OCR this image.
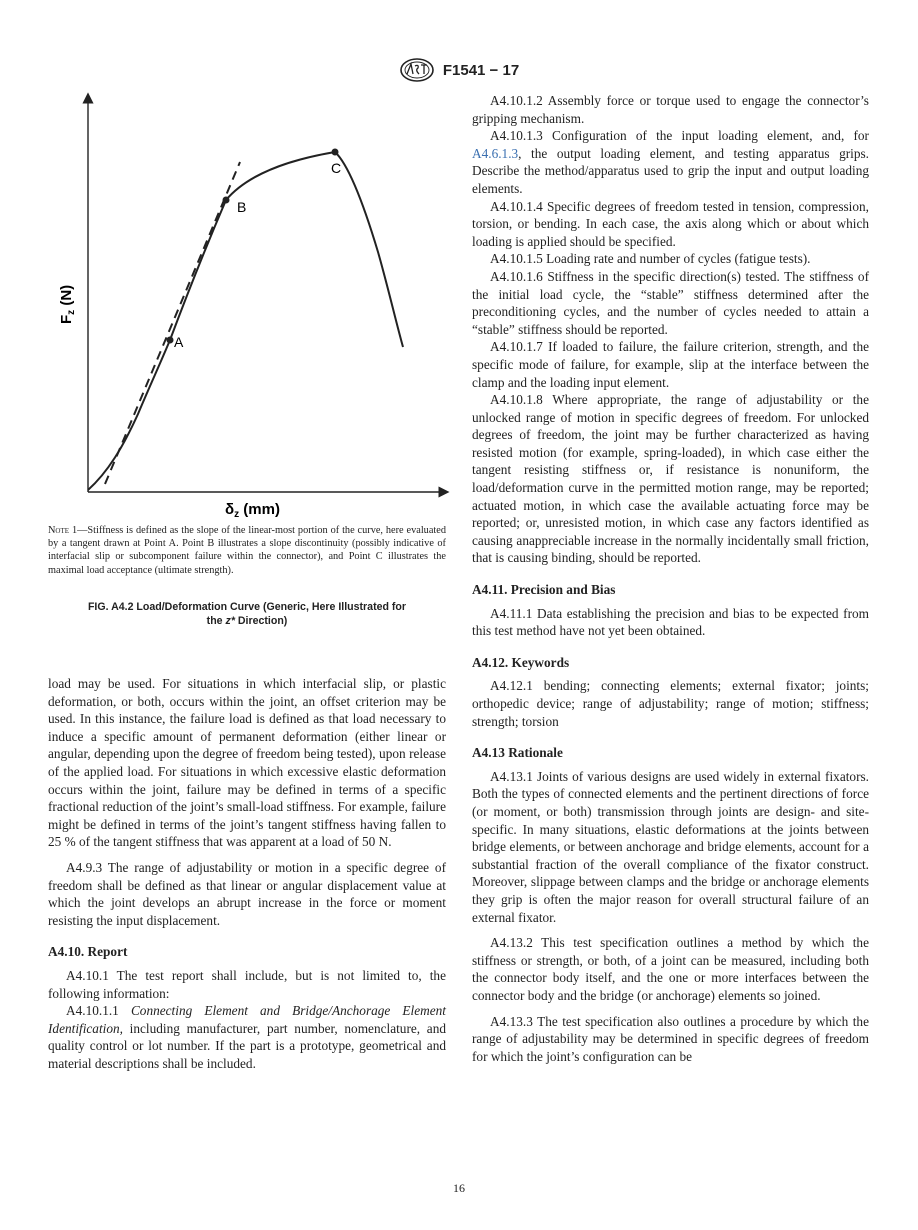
F1541 − 17
A
B
C
$F_z$ (N)
$\delta_z$ (mm)
Note 1—Stiffness is defined as the slope of the linear-most portion of the curve, here evaluated by a tangent drawn at Point A. Point B illustrates a slope discontinuity (possibly indicative of interfacial slip or subcomponent failure within the connector), and Point C illustrates the maximal load acceptance (ultimate strength).
FIG. A4.2 Load/Deformation Curve (Generic, Here Illustrated for
the z* Direction)

load may be used. For situations in which interfacial slip, or plastic deformation, or both, occurs within the joint, an offset criterion may be used. In this instance, the failure load is defined as that load necessary to induce a specific amount of permanent deformation (either linear or angular, depending upon the degree of freedom being tested), upon release of the applied load. For situations in which excessive elastic deformation occurs within the joint, failure may be defined in terms of a specific fractional reduction of the joint’s small-load stiffness. For example, failure might be defined in terms of the joint’s tangent stiffness having fallen to 25 % of the tangent stiffness that was apparent at a load of 50 N.

A4.9.3 The range of adjustability or motion in a specific degree of freedom shall be defined as that linear or angular displacement value at which the joint develops an abrupt increase in the force or moment resisting the input displacement.

A4.10. Report

A4.10.1 The test report shall include, but is not limited to, the following information:

A4.10.1.1 Connecting Element and Bridge/Anchorage Element Identification, including manufacturer, part number, nomenclature, and quality control or lot number. If the part is a prototype, geometrical and material descriptions shall be included.

A4.10.1.2 Assembly force or torque used to engage the connector’s gripping mechanism.

A4.10.1.3 Configuration of the input loading element, and, for A4.6.1.3, the output loading element, and testing apparatus grips. Describe the method/apparatus used to grip the input and output loading elements.

A4.10.1.4 Specific degrees of freedom tested in tension, compression, torsion, or bending. In each case, the axis along which or about which loading is applied should be specified.

A4.10.1.5 Loading rate and number of cycles (fatigue tests).

A4.10.1.6 Stiffness in the specific direction(s) tested. The stiffness of the initial load cycle, the “stable” stiffness determined after the preconditioning cycles, and the number of cycles needed to attain a “stable” stiffness should be reported.

A4.10.1.7 If loaded to failure, the failure criterion, strength, and the specific mode of failure, for example, slip at the interface between the clamp and the loading input element.

A4.10.1.8 Where appropriate, the range of adjustability or the unlocked range of motion in specific degrees of freedom. For unlocked degrees of freedom, the joint may be further characterized as having resisted motion (for example, spring-loaded), in which case either the tangent resisting stiffness or, if resistance is nonuniform, the load/deformation curve in the permitted motion range, may be reported; actuated motion, in which case the available actuating force may be reported; or, unresisted motion, in which case any factors identified as causing anappreciable increase in the normally incidentally small friction, that is causing binding, should be reported.

A4.11. Precision and Bias

A4.11.1 Data establishing the precision and bias to be expected from this test method have not yet been obtained.

A4.12. Keywords

A4.12.1 bending; connecting elements; external fixator; joints; orthopedic device; range of adjustability; range of motion; stiffness; strength; torsion

A4.13 Rationale

A4.13.1 Joints of various designs are used widely in external fixators. Both the types of connected elements and the pertinent directions of force (or moment, or both) transmission through joints are design- and site-specific. In many situations, elastic deformations at the joints between bridge elements, or between anchorage and bridge elements, account for a substantial fraction of the overall compliance of the fixator construct. Moreover, slippage between clamps and the bridge or anchorage elements they grip is often the major reason for overall structural failure of an external fixator.

A4.13.2 This test specification outlines a method by which the stiffness or strength, or both, of a joint can be measured, including both the connector body itself, and the one or more interfaces between the connector body and the bridge (or anchorage) elements so joined.

A4.13.3 The test specification also outlines a procedure by which the range of adjustability may be determined in specific degrees of freedom for which the joint’s configuration can be

16
